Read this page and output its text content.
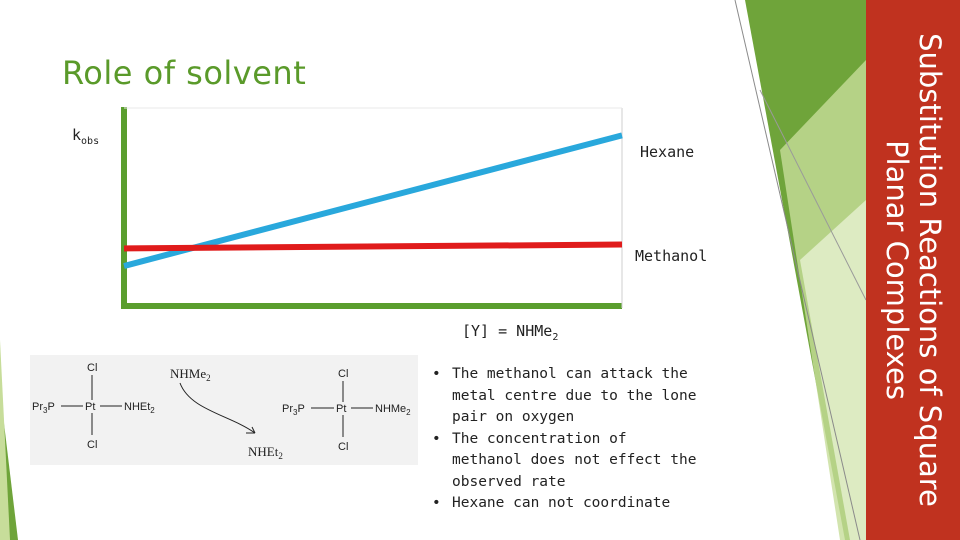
Substitution Reactions of Square
Planar Complexes
Role of solvent
$k_{obs}$
Hexane
Methanol
[Y] = NHMe$_2$
Cl
$Pr_3P$	Pt	NHEt$_2$
Cl
NHMe$_2$
NHEt$_2$
Cl
$Pr_3P$	Pt	NHMe$_2$
Cl
• The methanol can attack the metal centre due to the lone pair on oxygen
• The concentration of methanol does not effect the observed rate
• Hexane can not coordinate
